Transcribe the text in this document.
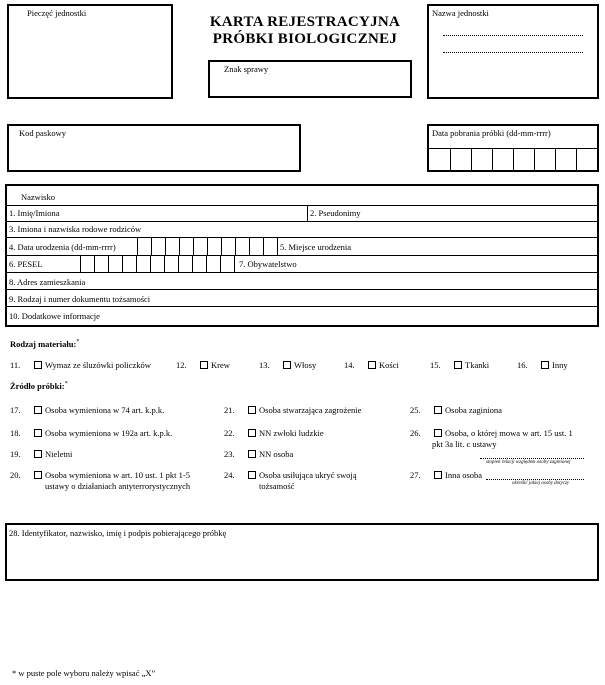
Pieczęć jednostki
KARTA REJESTRACYJNA
PRÓBKI BIOLOGICZNEJ
Znak sprawy
Nazwa jednostki
Kod paskowy	Data pobrania próbki (dd-mm-rrrr)
Nazwisko
1. Imię/Imiona	2. Pseudonimy
3. Imiona i nazwiska rodowe rodziców
4. Data urodzenia (dd-mm-rrrr)	5. Miejsce urodzenia
6. PESEL	7. Obywatelstwo
8. Adres zamieszkania
9. Rodzaj i numer dokumentu tożsamości
10. Dodatkowe informacje
Rodzaj materiału:*
11.	Wymaz ze śluzówki policzków	12.	Krew	13.	Włosy	14.	Kości	15.	Tkanki	16.	Inny
Źródło próbki:*
17.	Osoba wymieniona w 74 art. k.p.k.
18.	Osoba wymieniona w 192a art. k.p.k.
19.	Nieletni
20.	Osoba wymieniona w art. 10 ust. 1 pkt 1-5
ustawy o działaniach antyterrorystycznych
21.	Osoba stwarzająca zagrożenie
22.	NN zwłoki ludzkie
23.	NN osoba
24.	Osoba usiłująca ukryć swoją
tożsamość
25.	Osoba zaginiona
26.	Osoba, o której mowa w art. 15 ust. 1
pkt 3a lit. c ustawy
stopień relacji względem osoby zaginionej
27.	Inna osoba
określić jakiej osoby dotyczy
28. Identyfikator, nazwisko, imię i podpis pobierającego próbkę
* w puste pole wyboru należy wpisać „X”
